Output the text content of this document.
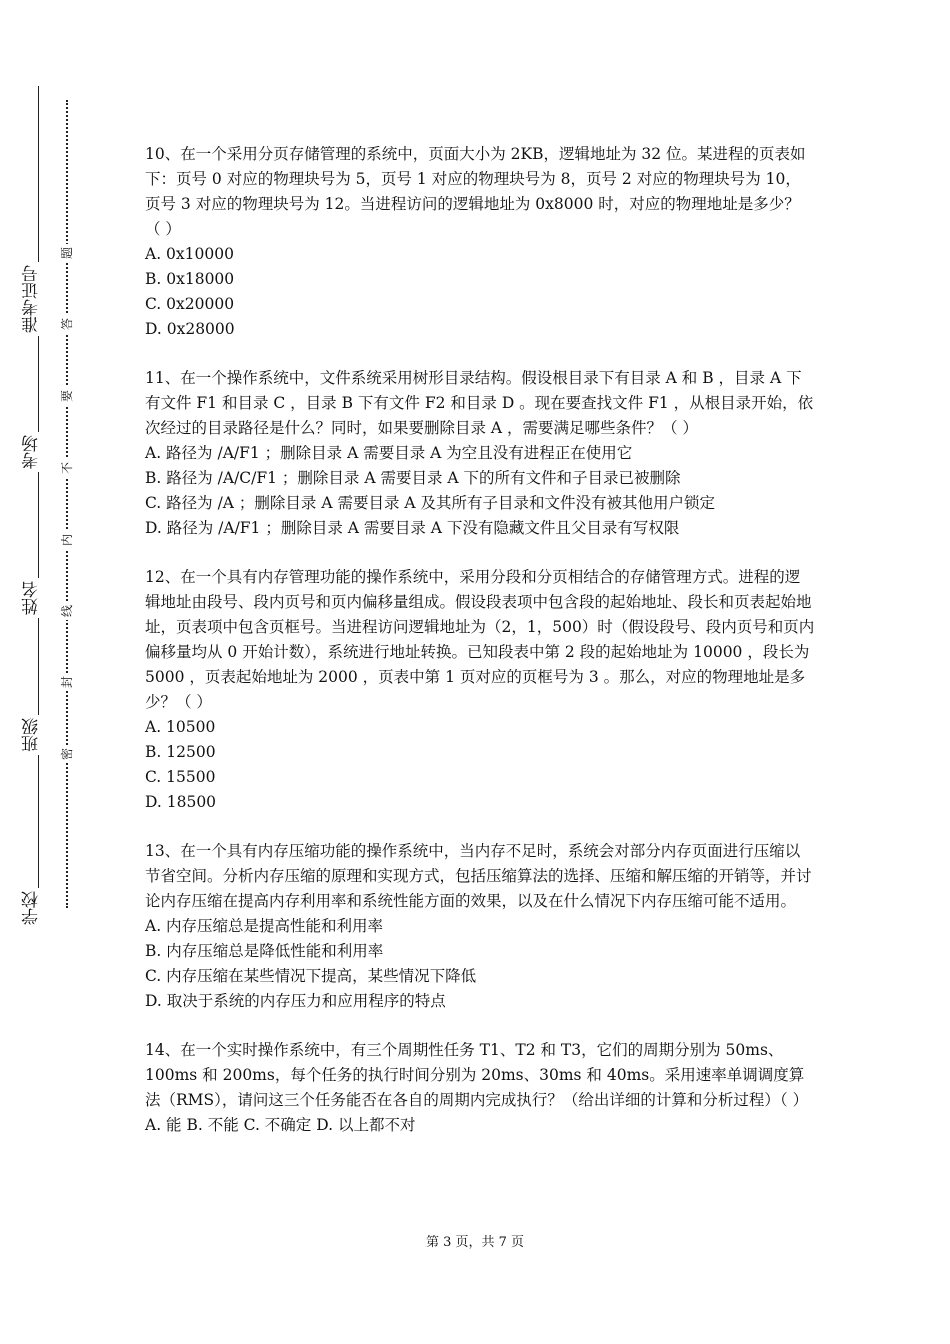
准考证号
考场
姓名
班级
学校
题
答
要
不
内
线
封
密

10、在一个采用分页存储管理的系统中，页面大小为 2KB，逻辑地址为 32 位。某进程的页表如下：页号 0 对应的物理块号为 5，页号 1 对应的物理块号为 8，页号 2 对应的物理块号为 10，页号 3 对应的物理块号为 12。当进程访问的逻辑地址为 0x8000 时，对应的物理地址是多少？（ ）

A. 0x10000

B. 0x18000

C. 0x20000

D. 0x28000

11、在一个操作系统中，文件系统采用树形目录结构。假设根目录下有目录 A 和 B ，目录 A 下有文件 F1 和目录 C ，目录 B 下有文件 F2 和目录 D 。现在要查找文件 F1 ，从根目录开始，依次经过的目录路径是什么？同时，如果要删除目录 A ，需要满足哪些条件？（ ）

A. 路径为 /A/F1 ；删除目录 A 需要目录 A 为空且没有进程正在使用它

B. 路径为 /A/C/F1 ；删除目录 A 需要目录 A 下的所有文件和子目录已被删除

C. 路径为 /A ；删除目录 A 需要目录 A 及其所有子目录和文件没有被其他用户锁定

D. 路径为 /A/F1 ；删除目录 A 需要目录 A 下没有隐藏文件且父目录有写权限

12、在一个具有内存管理功能的操作系统中，采用分段和分页相结合的存储管理方式。进程的逻辑地址由段号、段内页号和页内偏移量组成。假设段表项中包含段的起始地址、段长和页表起始地址，页表项中包含页框号。当进程访问逻辑地址为（2，1，500）时（假设段号、段内页号和页内偏移量均从 0 开始计数），系统进行地址转换。已知段表中第 2 段的起始地址为 10000 ，段长为 5000 ，页表起始地址为 2000 ，页表中第 1 页对应的页框号为 3 。那么，对应的物理地址是多少？（ ）

A. 10500

B. 12500

C. 15500

D. 18500

13、在一个具有内存压缩功能的操作系统中，当内存不足时，系统会对部分内存页面进行压缩以节省空间。分析内存压缩的原理和实现方式，包括压缩算法的选择、压缩和解压缩的开销等，并讨论内存压缩在提高内存利用率和系统性能方面的效果，以及在什么情况下内存压缩可能不适用。

A. 内存压缩总是提高性能和利用率

B. 内存压缩总是降低性能和利用率

C. 内存压缩在某些情况下提高，某些情况下降低

D. 取决于系统的内存压力和应用程序的特点

14、在一个实时操作系统中，有三个周期性任务 T1、T2 和 T3，它们的周期分别为 50ms、100ms 和 200ms，每个任务的执行时间分别为 20ms、30ms 和 40ms。采用速率单调调度算法（RMS），请问这三个任务能否在各自的周期内完成执行？（给出详细的计算和分析过程）（ ）

A. 能 B. 不能 C. 不确定 D. 以上都不对

第 3 页，共 7 页
